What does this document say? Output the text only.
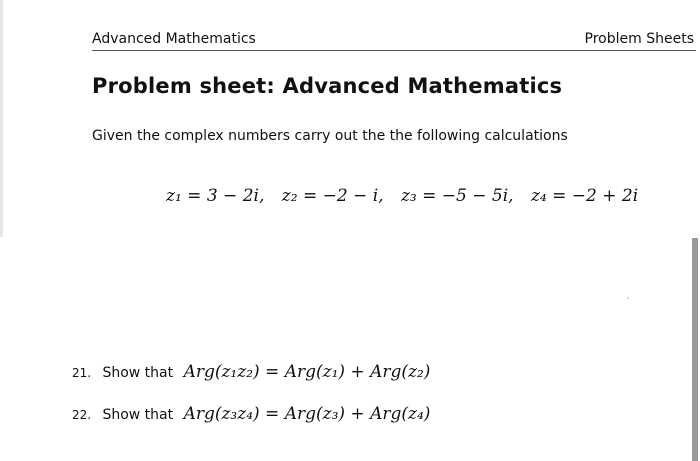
Advanced Mathematics	Problem Sheets
Problem sheet: Advanced Mathematics
Given the complex numbers carry out the the following calculations
z₁ = 3 − 2i, z₂ = −2 − i, z₃ = −5 − 5i, z₄ = −2 + 2i
21. Show that Arg(z₁z₂) = Arg(z₁) + Arg(z₂)
22. Show that Arg(z₃z₄) = Arg(z₃) + Arg(z₄)
